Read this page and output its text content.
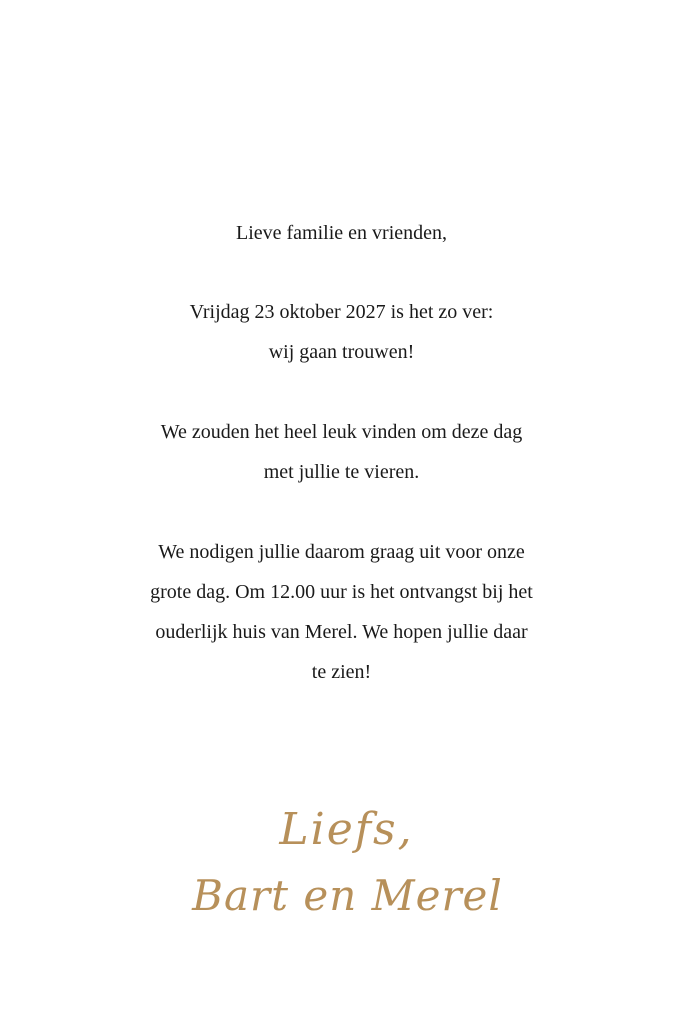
Lieve familie en vrienden,
Vrijdag 23 oktober 2027 is het zo ver:
wij gaan trouwen!
We zouden het heel leuk vinden om deze dag
met jullie te vieren.
We nodigen jullie daarom graag uit voor onze
grote dag. Om 12.00 uur is het ontvangst bij het
ouderlijk huis van Merel. We hopen jullie daar
te zien!
Liefs,
Bart en Merel
